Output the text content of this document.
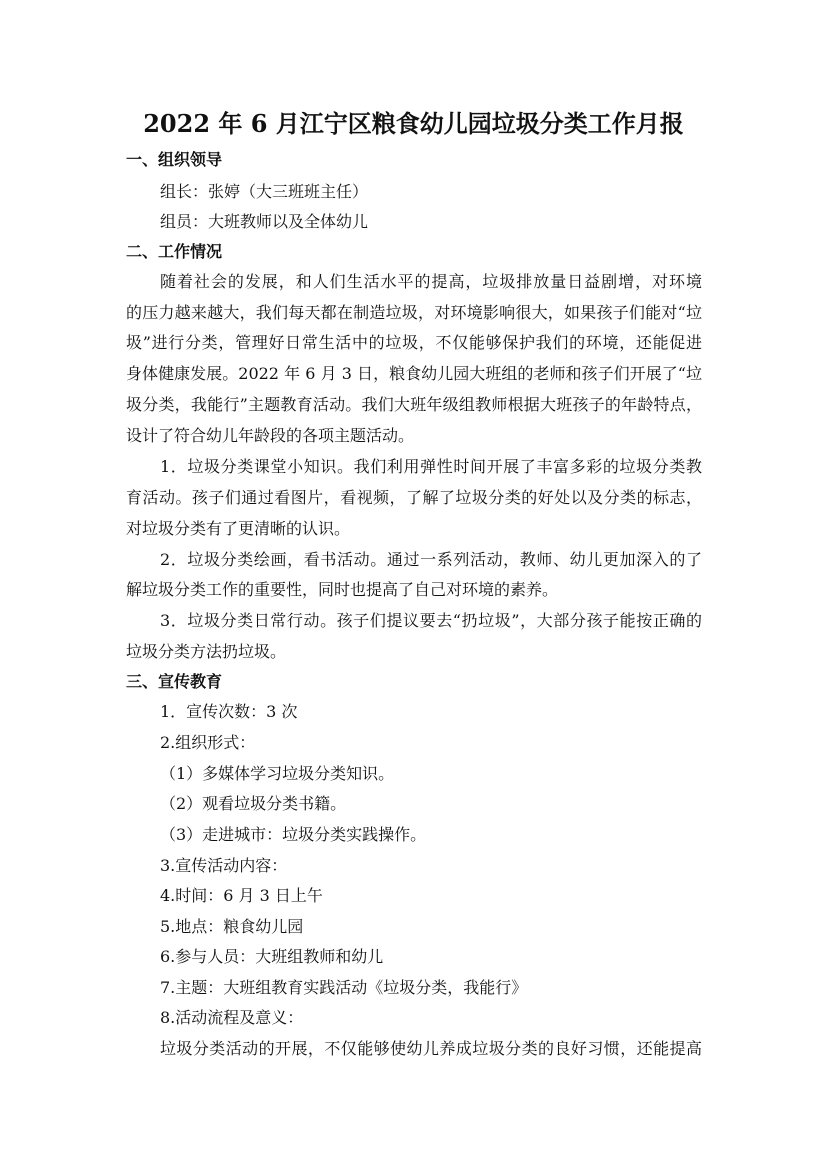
2022 年 6 月江宁区粮食幼儿园垃圾分类工作月报
一、组织领导
组长：张婷（大三班班主任）
组员：大班教师以及全体幼儿
二、工作情况
随着社会的发展，和人们生活水平的提高，垃圾排放量日益剧增，对环境
的压力越来越大，我们每天都在制造垃圾，对环境影响很大，如果孩子们能对“垃
圾”进行分类，管理好日常生活中的垃圾，不仅能够保护我们的环境，还能促进
身体健康发展。2022 年 6 月 3 日，粮食幼儿园大班组的老师和孩子们开展了“垃
圾分类，我能行”主题教育活动。我们大班年级组教师根据大班孩子的年龄特点，
设计了符合幼儿年龄段的各项主题活动。
1．垃圾分类课堂小知识。我们利用弹性时间开展了丰富多彩的垃圾分类教
育活动。孩子们通过看图片，看视频，了解了垃圾分类的好处以及分类的标志，
对垃圾分类有了更清晰的认识。
2．垃圾分类绘画，看书活动。通过一系列活动，教师、幼儿更加深入的了
解垃圾分类工作的重要性，同时也提高了自己对环境的素养。
3．垃圾分类日常行动。孩子们提议要去“扔垃圾”，大部分孩子能按正确的
垃圾分类方法扔垃圾。
三、宣传教育
1．宣传次数：3 次
2.组织形式：
（1）多媒体学习垃圾分类知识。
（2）观看垃圾分类书籍。
（3）走进城市：垃圾分类实践操作。
3.宣传活动内容：
4.时间：6 月 3 日上午
5.地点：粮食幼儿园
6.参与人员：大班组教师和幼儿
7.主题：大班组教育实践活动《垃圾分类，我能行》
8.活动流程及意义：
垃圾分类活动的开展，不仅能够使幼儿养成垃圾分类的良好习惯，还能提高
